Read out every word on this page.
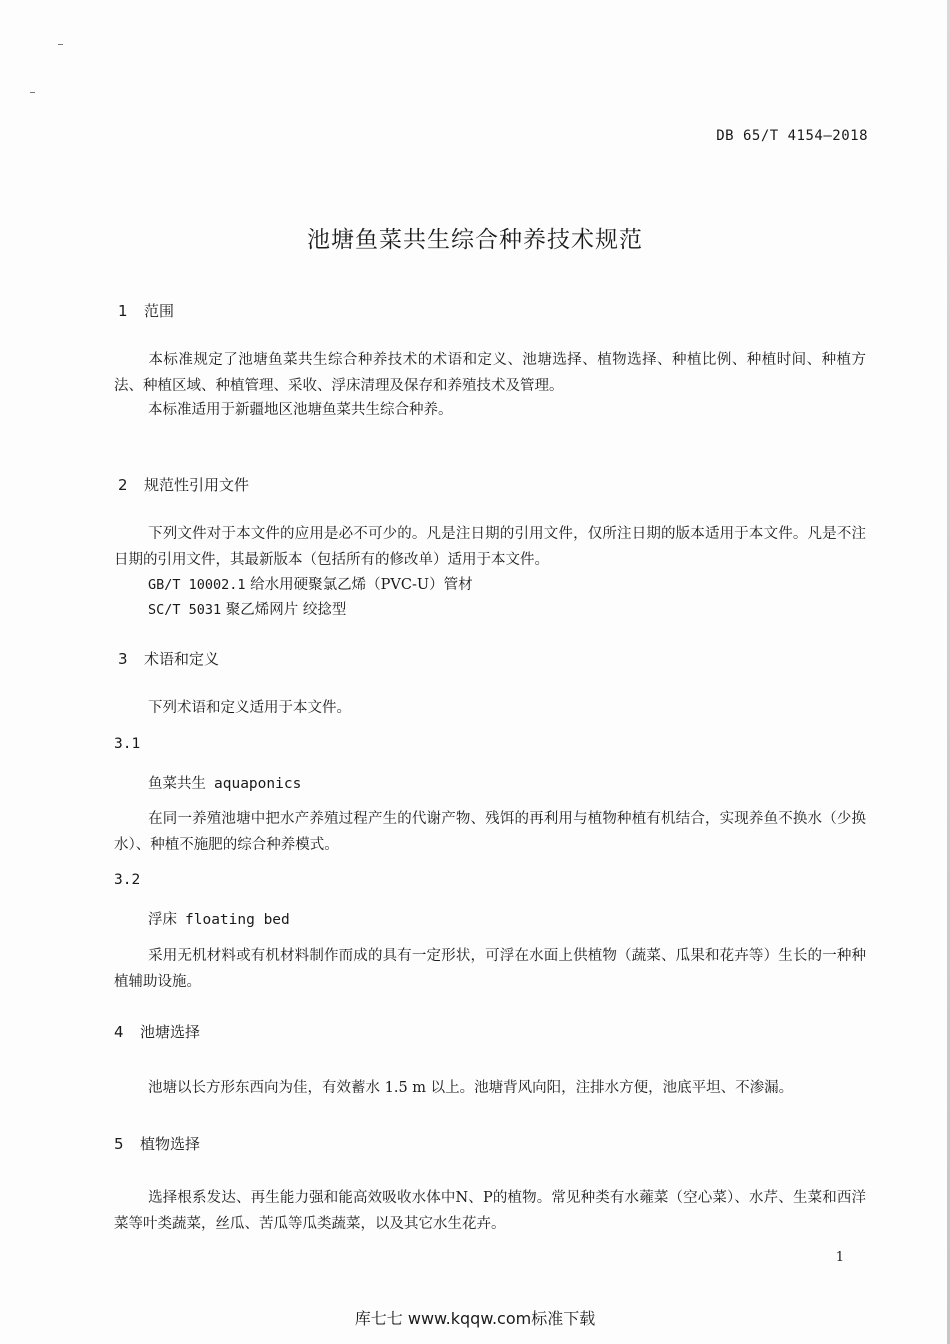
DB 65/T 4154—2018
池塘鱼菜共生综合种养技术规范
1 范围
本标准规定了池塘鱼菜共生综合种养技术的术语和定义、池塘选择、植物选择、种植比例、种植时间、种植方法、种植区域、种植管理、采收、浮床清理及保存和养殖技术及管理。
本标准适用于新疆地区池塘鱼菜共生综合种养。
2 规范性引用文件
下列文件对于本文件的应用是必不可少的。凡是注日期的引用文件，仅所注日期的版本适用于本文件。凡是不注日期的引用文件，其最新版本（包括所有的修改单）适用于本文件。
GB/T 10002.1 给水用硬聚氯乙烯（PVC-U）管材
SC/T 5031 聚乙烯网片 绞捻型
3 术语和定义
下列术语和定义适用于本文件。
3.1
鱼菜共生 aquaponics
在同一养殖池塘中把水产养殖过程产生的代谢产物、残饵的再利用与植物种植有机结合，实现养鱼不换水（少换水）、种植不施肥的综合种养模式。
3.2
浮床 floating bed
采用无机材料或有机材料制作而成的具有一定形状，可浮在水面上供植物（蔬菜、瓜果和花卉等）生长的一种种植辅助设施。
4 池塘选择
池塘以长方形东西向为佳，有效蓄水 1.5 m 以上。池塘背风向阳，注排水方便，池底平坦、不渗漏。
5 植物选择
选择根系发达、再生能力强和能高效吸收水体中N、P的植物。常见种类有水蕹菜（空心菜）、水芹、生菜和西洋菜等叶类蔬菜，丝瓜、苦瓜等瓜类蔬菜，以及其它水生花卉。
1
库七七 www.kqqw.com标准下载
